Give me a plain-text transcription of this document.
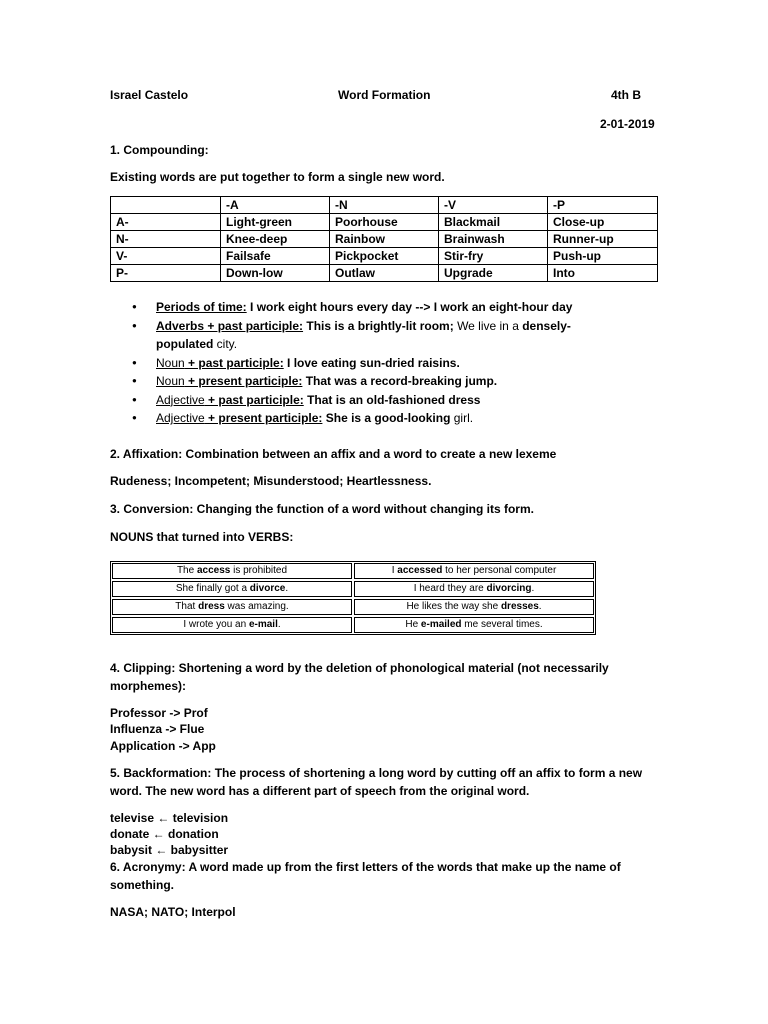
Israel Castelo	Word Formation	4th B
2-01-2019
1. Compounding:
Existing words are put together to form a single new word.
	-A	-N	-V	-P
A-	Light-green	Poorhouse	Blackmail	Close-up
N-	Knee-deep	Rainbow	Brainwash	Runner-up
V-	Failsafe	Pickpocket	Stir-fry	Push-up
P-	Down-low	Outlaw	Upgrade	Into
● Periods of time: I work eight hours every day --> I work an eight-hour day
● Adverbs + past participle: This is a brightly-lit room; We live in a densely-populated city.
● Noun + past participle: I love eating sun-dried raisins.
● Noun + present participle: That was a record-breaking jump.
● Adjective + past participle: That is an old-fashioned dress
● Adjective + present participle: She is a good-looking girl.
2. Affixation: Combination between an affix and a word to create a new lexeme
Rudeness; Incompetent; Misunderstood; Heartlessness.
3. Conversion: Changing the function of a word without changing its form.
NOUNS that turned into VERBS:
The access is prohibited	I accessed to her personal computer
She finally got a divorce.	I heard they are divorcing.
That dress was amazing.	He likes the way she dresses.
I wrote you an e-mail.	He e-mailed me several times.
4. Clipping: Shortening a word by the deletion of phonological material (not necessarily
morphemes):
Professor -> Prof
Influenza -> Flue
Application -> App
5. Backformation: The process of shortening a long word by cutting off an affix to form a new
word. The new word has a different part of speech from the original word.
televise ← television
donate ← donation
babysit ← babysitter
6. Acronymy: A word made up from the first letters of the words that make up the name of
something.
NASA; NATO; Interpol
